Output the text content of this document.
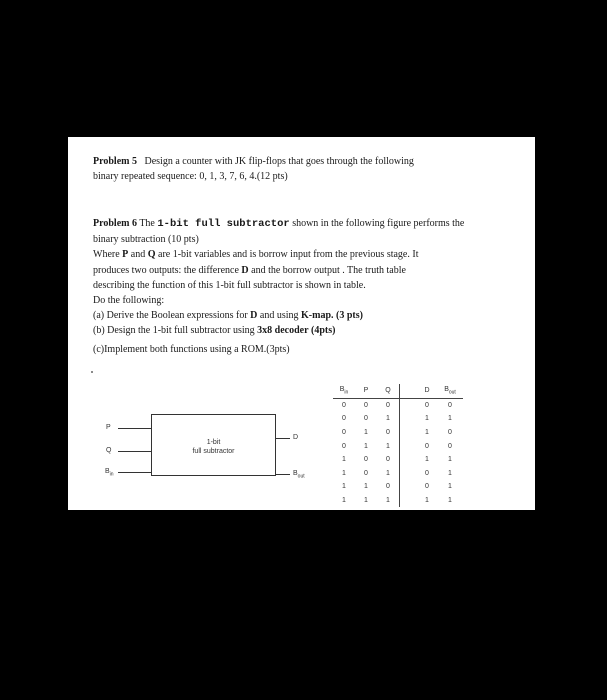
Problem 5 Design a counter with JK flip-flops that goes through the following
binary repeated sequence: 0, 1, 3, 7, 6, 4.(12 pts)
Problem 6 The 1-bit full subtractor shown in the following figure performs the
binary subtraction (10 pts)
Where P and Q are 1-bit variables and is borrow input from the previous stage. It
produces two outputs: the difference D and the borrow output . The truth table
describing the function of this 1-bit full subtractor is shown in table.
Do the following:
(a) Derive the Boolean expressions for D and using K-map. (3 pts)
(b) Design the 1-bit full subtractor using 3x8 decoder (4pts)
(c)Implement both functions using a ROM.(3pts)
P
Q
$B_{in}$
1-bit
full subtractor
D
$B_{out}$
$B_{in}$	P	Q		D	$B_{out}$
0	0	0		0	0
0	0	1		1	1
0	1	0		1	0
0	1	1		0	0
1	0	0		1	1
1	0	1		0	1
1	1	0		0	1
1	1	1		1	1
